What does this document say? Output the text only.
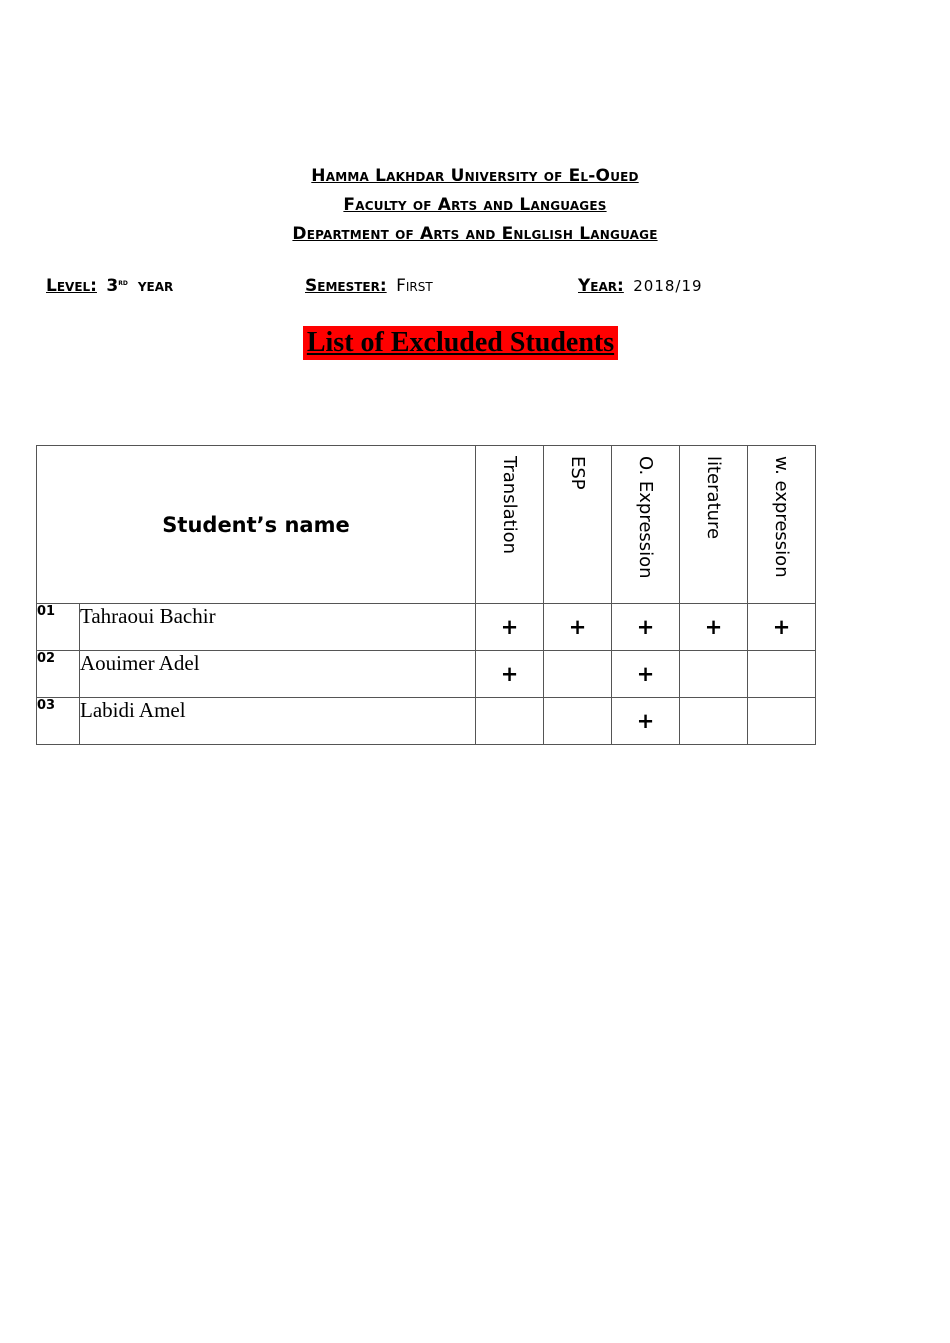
Hamma Lakhdar University of El-Oued
Faculty of Arts and Languages
Department of Arts and Enlglish Language
Level: 3rd year	Semester: First	Year: 2018/19
List of Excluded Students
Student’s name		Translation	ESP	O. Expression	literature	w. expression

01	Tahraoui Bachir	+	+	+	+	+
02	Aouimer Adel	+		+		
03	Labidi Amel			+		
